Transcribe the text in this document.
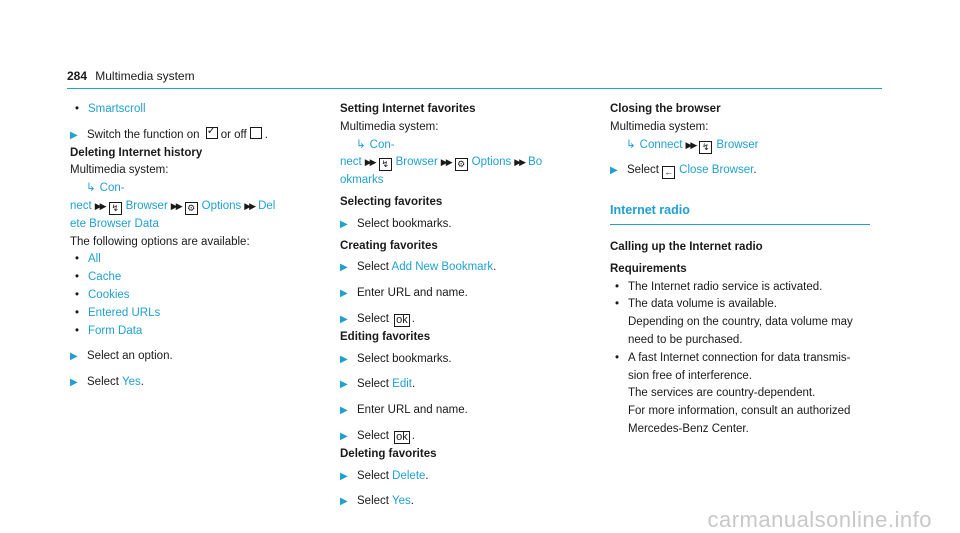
284 Multimedia system
• Smartscroll
▶ Switch the function on ✓ or off .
Deleting Internet history
Multimedia system:
↳ Con-
nect ▶▶ ↯ Browser ▶▶ ⚙ Options ▶▶ Del
ete Browser Data
The following options are available:
• All
• Cache
• Cookies
• Entered URLs
• Form Data
▶ Select an option.
▶ Select Yes.
Setting Internet favorites
Multimedia system:
↳ Con-
nect ▶▶ ↯ Browser ▶▶ ⚙ Options ▶▶ Bo
okmarks
Selecting favorites
▶ Select bookmarks.
Creating favorites
▶ Select Add New Bookmark.
▶ Enter URL and name.
▶ Select ok .
Editing favorites
▶ Select bookmarks.
▶ Select Edit.
▶ Enter URL and name.
▶ Select ok .
Deleting favorites
▶ Select Delete.
▶ Select Yes.
Closing the browser
Multimedia system:
↳ Connect ▶▶ ↯ Browser
▶ Select ← Close Browser.
Internet radio
Calling up the Internet radio
Requirements
• The Internet radio service is activated.
• The data volume is available.
Depending on the country, data volume may need to be purchased.
• A fast Internet connection for data transmis-sion free of interference.
The services are country-dependent.
For more information, consult an authorized Mercedes-Benz Center.
carmanualsonline.info
